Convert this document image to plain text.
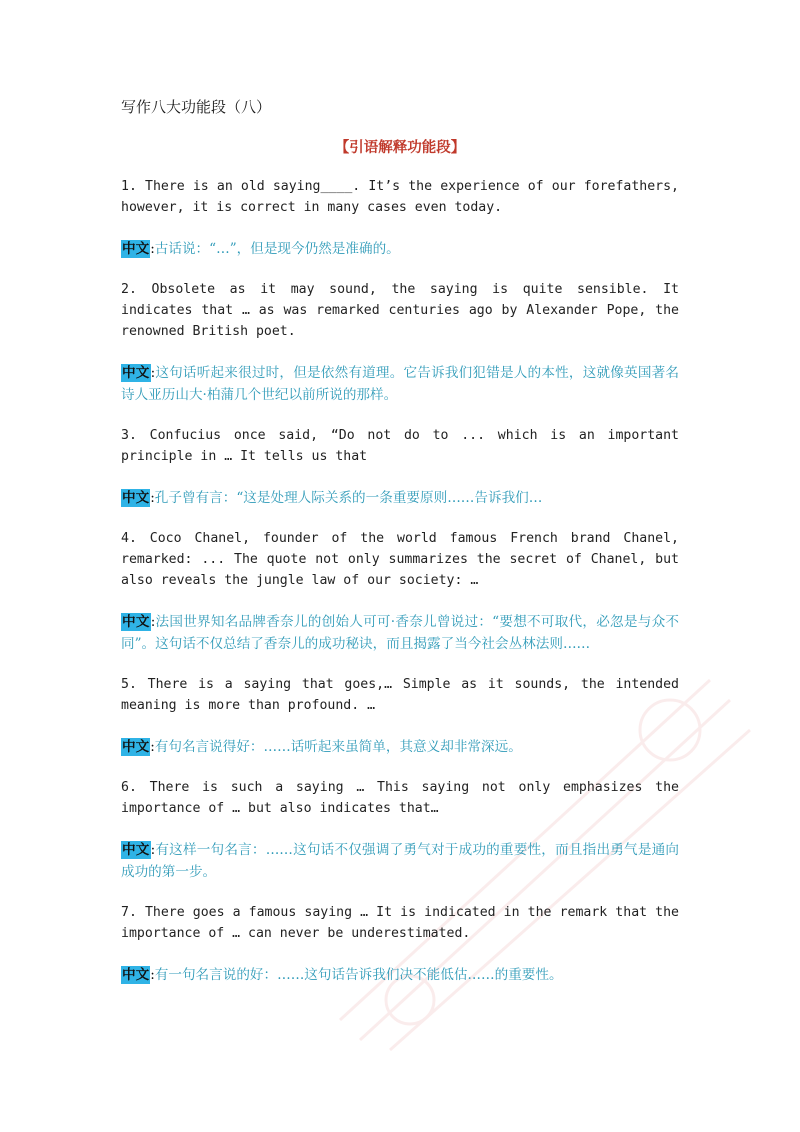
写作八大功能段（八）
【引语解释功能段】

1. There is an old saying____. It’s the experience of our forefathers, however, it is correct in many cases even today.

中文:古话说：“…”，但是现今仍然是准确的。

2. Obsolete as it may sound, the saying is quite sensible. It indicates that … as was remarked centuries ago by Alexander Pope, the renowned British poet.

中文:这句话听起来很过时，但是依然有道理。它告诉我们犯错是人的本性，这就像英国著名诗人亚历山大·柏蒲几个世纪以前所说的那样。

3. Confucius once said, “Do not do to ... which is an important principle in … It tells us that

中文:孔子曾有言：“这是处理人际关系的一条重要原则……告诉我们…

4. Coco Chanel, founder of the world famous French brand Chanel, remarked: ... The quote not only summarizes the secret of Chanel, but also reveals the jungle law of our society: …

中文:法国世界知名品牌香奈儿的创始人可可·香奈儿曾说过：“要想不可取代，必忽是与众不同”。这句话不仅总结了香奈儿的成功秘诀，而且揭露了当今社会丛林法则……

5. There is a saying that goes,… Simple as it sounds, the intended meaning is more than profound. …

中文:有句名言说得好：……话听起来虽简单，其意义却非常深远。

6. There is such a saying … This saying not only emphasizes the importance of … but also indicates that…

中文:有这样一句名言：……这句话不仅强调了勇气对于成功的重要性，而且指出勇气是通向成功的第一步。

7. There goes a famous saying … It is indicated in the remark that the importance of … can never be underestimated.

中文:有一句名言说的好：……这句话告诉我们决不能低估……的重要性。
